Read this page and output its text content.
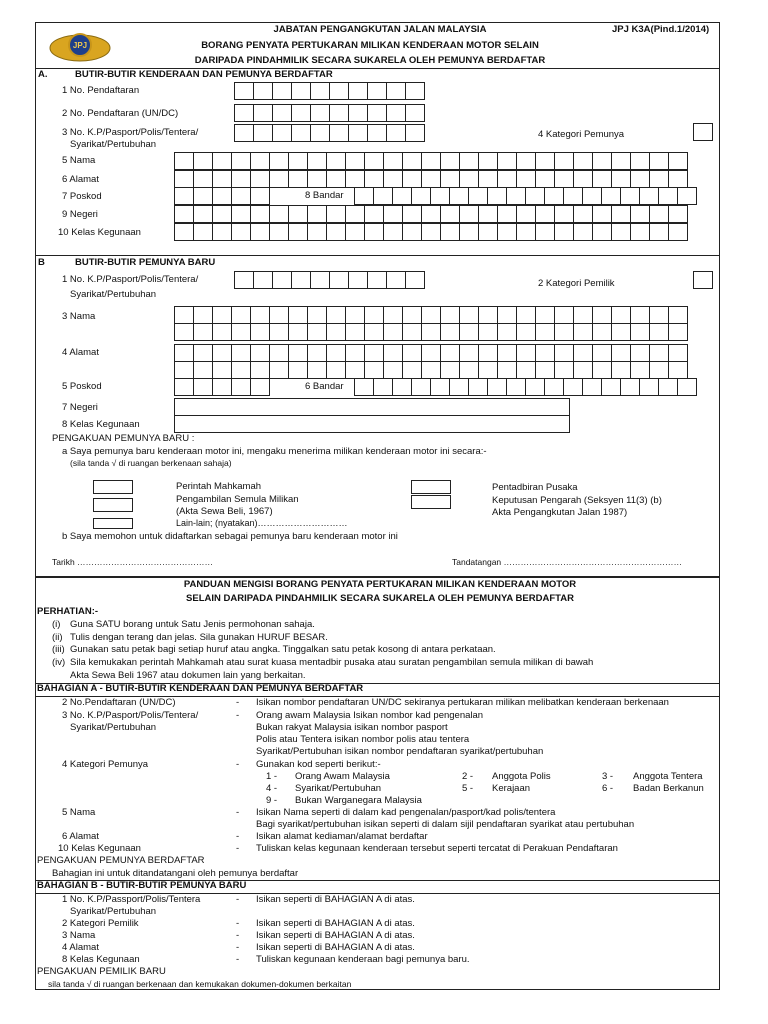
JPJ
JABATAN PENGANGKUTAN JALAN MALAYSIA
BORANG PENYATA PERTUKARAN MILIKAN KENDERAAN MOTOR SELAIN
DARIPADA PINDAHMILIK SECARA SUKARELA OLEH PEMUNYA BERDAFTAR
JPJ K3A(Pind.1/2014)
A.	BUTIR-BUTIR KENDERAAN DAN PEMUNYA BERDAFTAR
1 No. Pendaftaran
2 No. Pendaftaran (UN/DC)
3 No. K.P/Pasport/Polis/Tentera/
Syarikat/Pertubuhan
4 Kategori Pemunya
5 Nama
6 Alamat
7 Poskod	8 Bandar
9 Negeri
10 Kelas Kegunaan
B	BUTIR-BUTIR PEMUNYA BARU
1 No. K.P/Pasport/Polis/Tentera/
Syarikat/Pertubuhan
2 Kategori Pemilik
3 Nama
4 Alamat
5 Poskod	6 Bandar
7 Negeri
8 Kelas Kegunaan
PENGAKUAN PEMUNYA BARU :
a Saya pemunya baru kenderaan motor ini, mengaku menerima milikan kenderaan motor ini secara:-
(sila tanda √ di ruangan berkenaan sahaja)
Perintah Mahkamah
Pengambilan Semula Milikan
(Akta Sewa Beli, 1967)
Lain-lain; (nyatakan)…………………………
Pentadbiran Pusaka
Keputusan Pengarah (Seksyen 11(3) (b)
Akta Pengangkutan Jalan 1987)
b Saya memohon untuk didaftarkan sebagai pemunya baru kenderaan motor ini
Tarikh …………………………………………	Tandatangan ………………………………………………………
PANDUAN MENGISI BORANG PENYATA PERTUKARAN MILIKAN KENDERAAN MOTOR
SELAIN DARIPADA PINDAHMILIK SECARA SUKARELA OLEH PEMUNYA BERDAFTAR
PERHATIAN:-
(i) Guna SATU borang untuk Satu Jenis permohonan sahaja.
(ii) Tulis dengan terang dan jelas. Sila gunakan HURUF BESAR.
(iii) Gunakan satu petak bagi setiap huruf atau angka. Tinggalkan satu petak kosong di antara perkataan.
(iv) Sila kemukakan perintah Mahkamah atau surat kuasa mentadbir pusaka atau suratan pengambilan semula milikan di bawah
Akta Sewa Beli 1967 atau dokumen lain yang berkaitan.
BAHAGIAN A - BUTIR-BUTIR KENDERAAN DAN PEMUNYA BERDAFTAR
2 No.Pendaftaran (UN/DC)	- Isikan nombor pendaftaran UN/DC sekiranya pertukaran milikan melibatkan kenderaan berkenaan
3 No. K.P/Pasport/Polis/Tentera/
Syarikat/Pertubuhan
- Orang awam Malaysia Isikan nombor kad pengenalan
Bukan rakyat Malaysia isikan nombor pasport
Polis atau Tentera isikan nombor polis atau tentera
Syarikat/Pertubuhan isikan nombor pendaftaran syarikat/pertubuhan
4 Kategori Pemunya	- Gunakan kod seperti berikut:-
1 - Orang Awam Malaysia	2 - Anggota Polis	3 - Anggota Tentera
4 - Syarikat/Pertubuhan	5 - Kerajaan	6 - Badan Berkanun
9 - Bukan Warganegara Malaysia
5 Nama	- Isikan Nama seperti di dalam kad pengenalan/pasport/kad polis/tentera
Bagi syarikat/pertubuhan isikan seperti di dalam sijil pendaftaran syarikat atau pertubuhan
6 Alamat	- Isikan alamat kediaman/alamat berdaftar
10 Kelas Kegunaan	- Tuliskan kelas kegunaan kenderaan tersebut seperti tercatat di Perakuan Pendaftaran
PENGAKUAN PEMUNYA BERDAFTAR
Bahagian ini untuk ditandatangani oleh pemunya berdaftar
BAHAGIAN B - BUTIR-BUTIR PEMUNYA BARU
1 No. K.P/Passport/Polis/Tentera
Syarikat/Pertubuhan
- Isikan seperti di BAHAGIAN A di atas.
2 Kategori Pemilik	- Isikan seperti di BAHAGIAN A di atas.
3 Nama	- Isikan seperti di BAHAGIAN A di atas.
4 Alamat	- Isikan seperti di BAHAGIAN A di atas.
8 Kelas Kegunaan	- Tuliskan kegunaan kenderaan bagi pemunya baru.
PENGAKUAN PEMILIK BARU
sila tanda √ di ruangan berkenaan dan kemukakan dokumen-dokumen berkaitan
